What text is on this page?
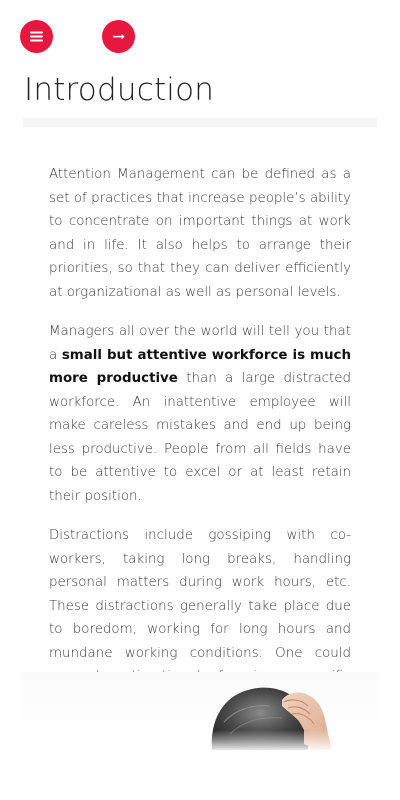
Introduction

Attention Management can be defined as a set of practices that increase people’s ability to concentrate on important things at work and in life. It also helps to arrange their priorities, so that they can deliver efficiently at organizational as well as personal levels.

Managers all over the world will tell you that a small but attentive workforce is much more productive than a large distracted workforce. An inattentive employee will make careless mistakes and end up being less productive. People from all fields have to be attentive to excel or at least retain their position.

Distractions include gossiping with co-workers, taking long breaks, handling personal matters during work hours, etc. These distractions generally take place due to boredom, working for long hours and mundane working conditions. One could
